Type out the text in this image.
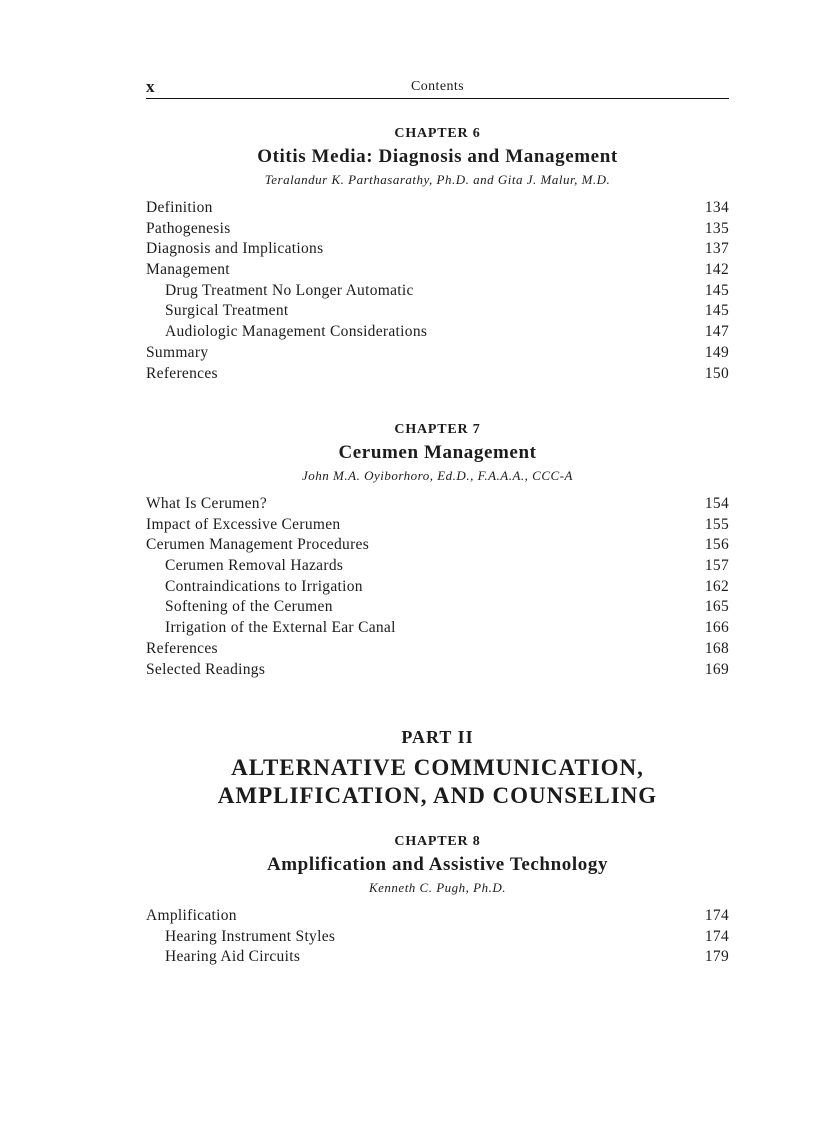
x	Contents
CHAPTER 6
Otitis Media: Diagnosis and Management
Teralandur K. Parthasarathy, Ph.D. and Gita J. Malur, M.D.
Definition	134
Pathogenesis	135
Diagnosis and Implications	137
Management	142
Drug Treatment No Longer Automatic	145
Surgical Treatment	145
Audiologic Management Considerations	147
Summary	149
References	150
CHAPTER 7
Cerumen Management
John M.A. Oyiborhoro, Ed.D., F.A.A.A., CCC-A
What Is Cerumen?	154
Impact of Excessive Cerumen	155
Cerumen Management Procedures	156
Cerumen Removal Hazards	157
Contraindications to Irrigation	162
Softening of the Cerumen	165
Irrigation of the External Ear Canal	166
References	168
Selected Readings	169
PART II
ALTERNATIVE COMMUNICATION,
AMPLIFICATION, AND COUNSELING
CHAPTER 8
Amplification and Assistive Technology
Kenneth C. Pugh, Ph.D.
Amplification	174
Hearing Instrument Styles	174
Hearing Aid Circuits	179
